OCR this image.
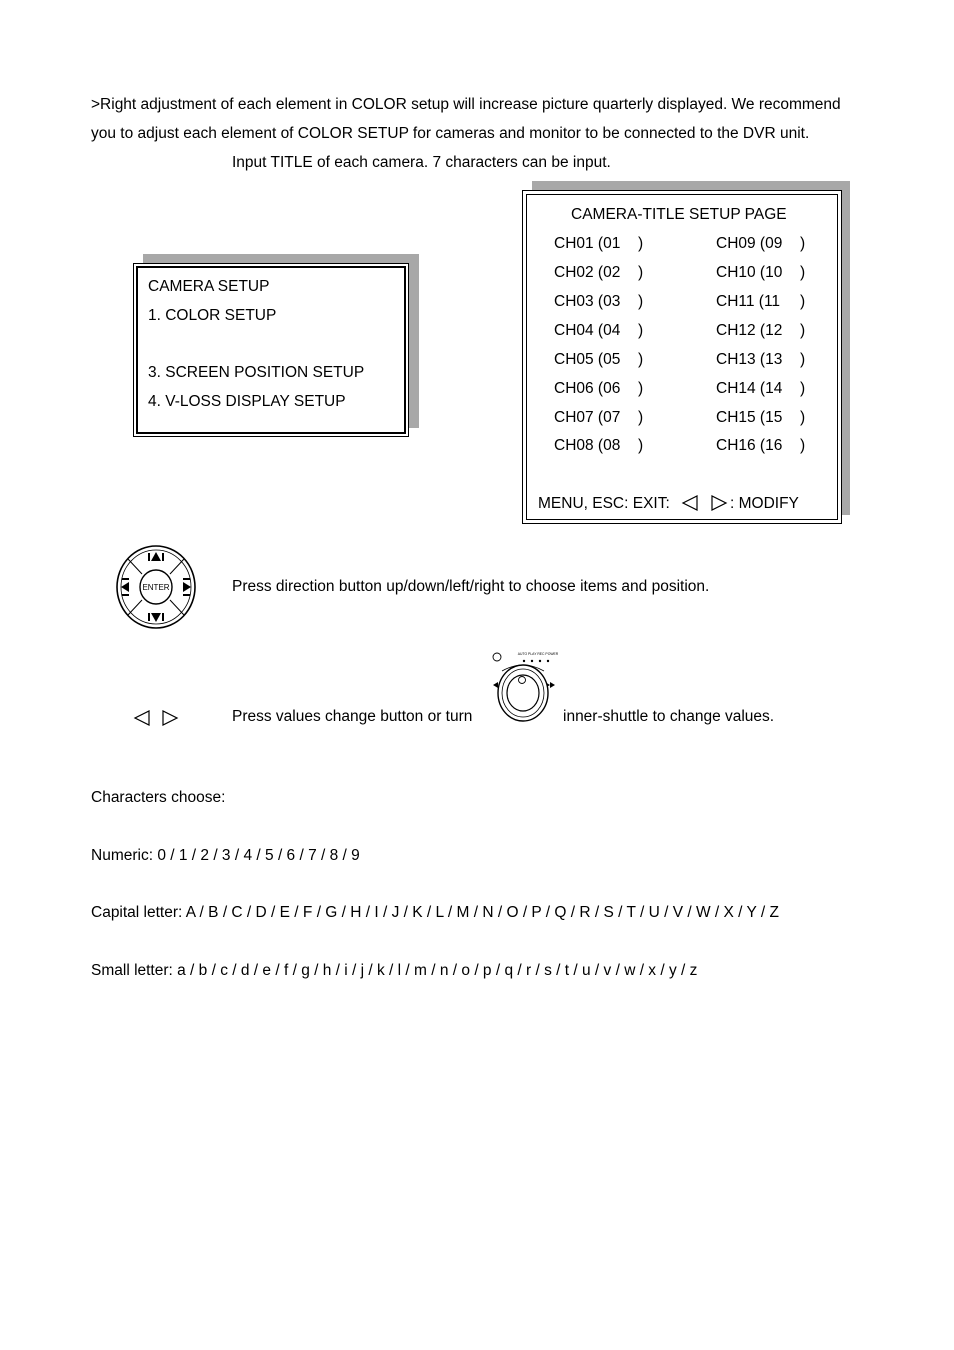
>Right adjustment of each element in COLOR setup will increase picture quarterly displayed. We recommend
you to adjust each element of COLOR SETUP for cameras and monitor to be connected to the DVR unit.
Input TITLE of each camera. 7 characters can be input.
CAMERA SETUP
1. COLOR SETUP
3. SCREEN POSITION SETUP
4. V-LOSS DISPLAY SETUP
CAMERA-TITLE SETUP PAGE
CH01 (01
CH02 (02
CH03 (03
CH04 (04
CH05 (05
CH06 (06
CH07 (07
CH08 (08
)
)
)
)
)
)
)
)
CH09 (09
CH10 (10
CH11 (11
CH12 (12
CH13 (13
CH14 (14
CH15 (15
CH16 (16
)
)
)
)
)
)
)
)
MENU, ESC: EXIT:	: MODIFY
ENTER	Press direction button up/down/left/right to choose items and position.
Press values change button or turn
AUTO PLAY REC POWER
inner-shuttle to change values.
Characters choose:
Numeric: 0 / 1 / 2 / 3 / 4 / 5 / 6 / 7 / 8 / 9
Capital letter: A / B / C / D / E / F / G / H / I / J / K / L / M / N / O / P / Q / R / S / T / U / V / W / X / Y / Z
Small letter: a / b / c / d / e / f / g / h / i / j / k / l / m / n / o / p / q / r / s / t / u / v / w / x / y / z
